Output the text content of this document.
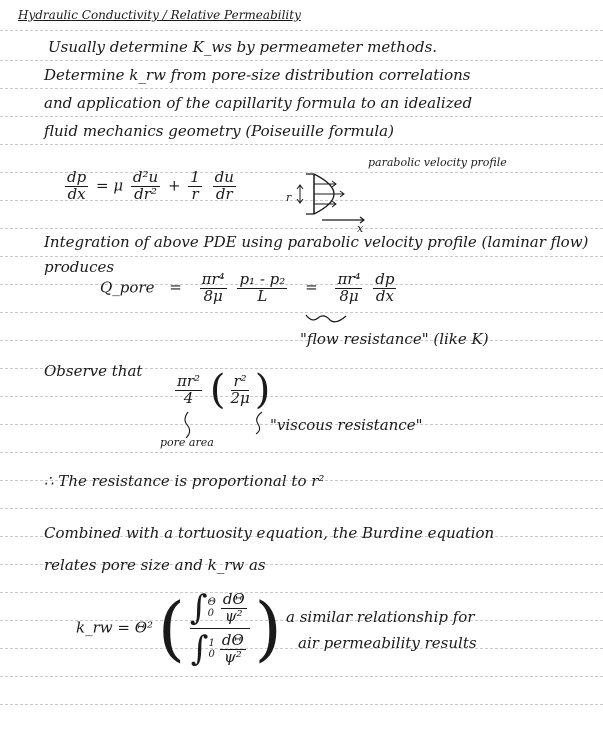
Hydraulic Conductivity / Relative Permeability
Usually determine K_ws by permeameter methods.
Determine k_rw from pore-size distribution correlations
and application of the capillarity formula to an idealized
fluid mechanics geometry (Poiseuille formula)
parabolic velocity profile
$\frac{dp}{dx} = \mu \frac{\text{d²u}}{\text{dr²}} + \frac{1}{r}$
$\frac{du}{dr}$	r
x
Integration of above PDE using parabolic velocity profile (laminar flow)
produces
Q_pore = $\frac{\text{πr⁴}}{8\mu}$
$\frac{\text{p₁ - p₂}}{L} = \frac{\text{πr⁴}}{8\mu}$
$\frac{dp}{dx}$
"flow resistance" (like K)
Observe that
$\frac{\text{πr²}}{4}$ ( $\frac{\text{r²}}{2\mu}$ )
"viscous resistance"
pore area
∴ The resistance is proportional to r²
Combined with a tortuosity equation, the Burdine equation
relates pore size and k_rw as
k_rw = Θ² ( ∫ Θ
$0 \frac{d\Theta}{\text{ψ²}}$
∫ 1
$0 \frac{d\Theta}{\text{ψ²}}$ ) a similar relationship for
air permeability results
